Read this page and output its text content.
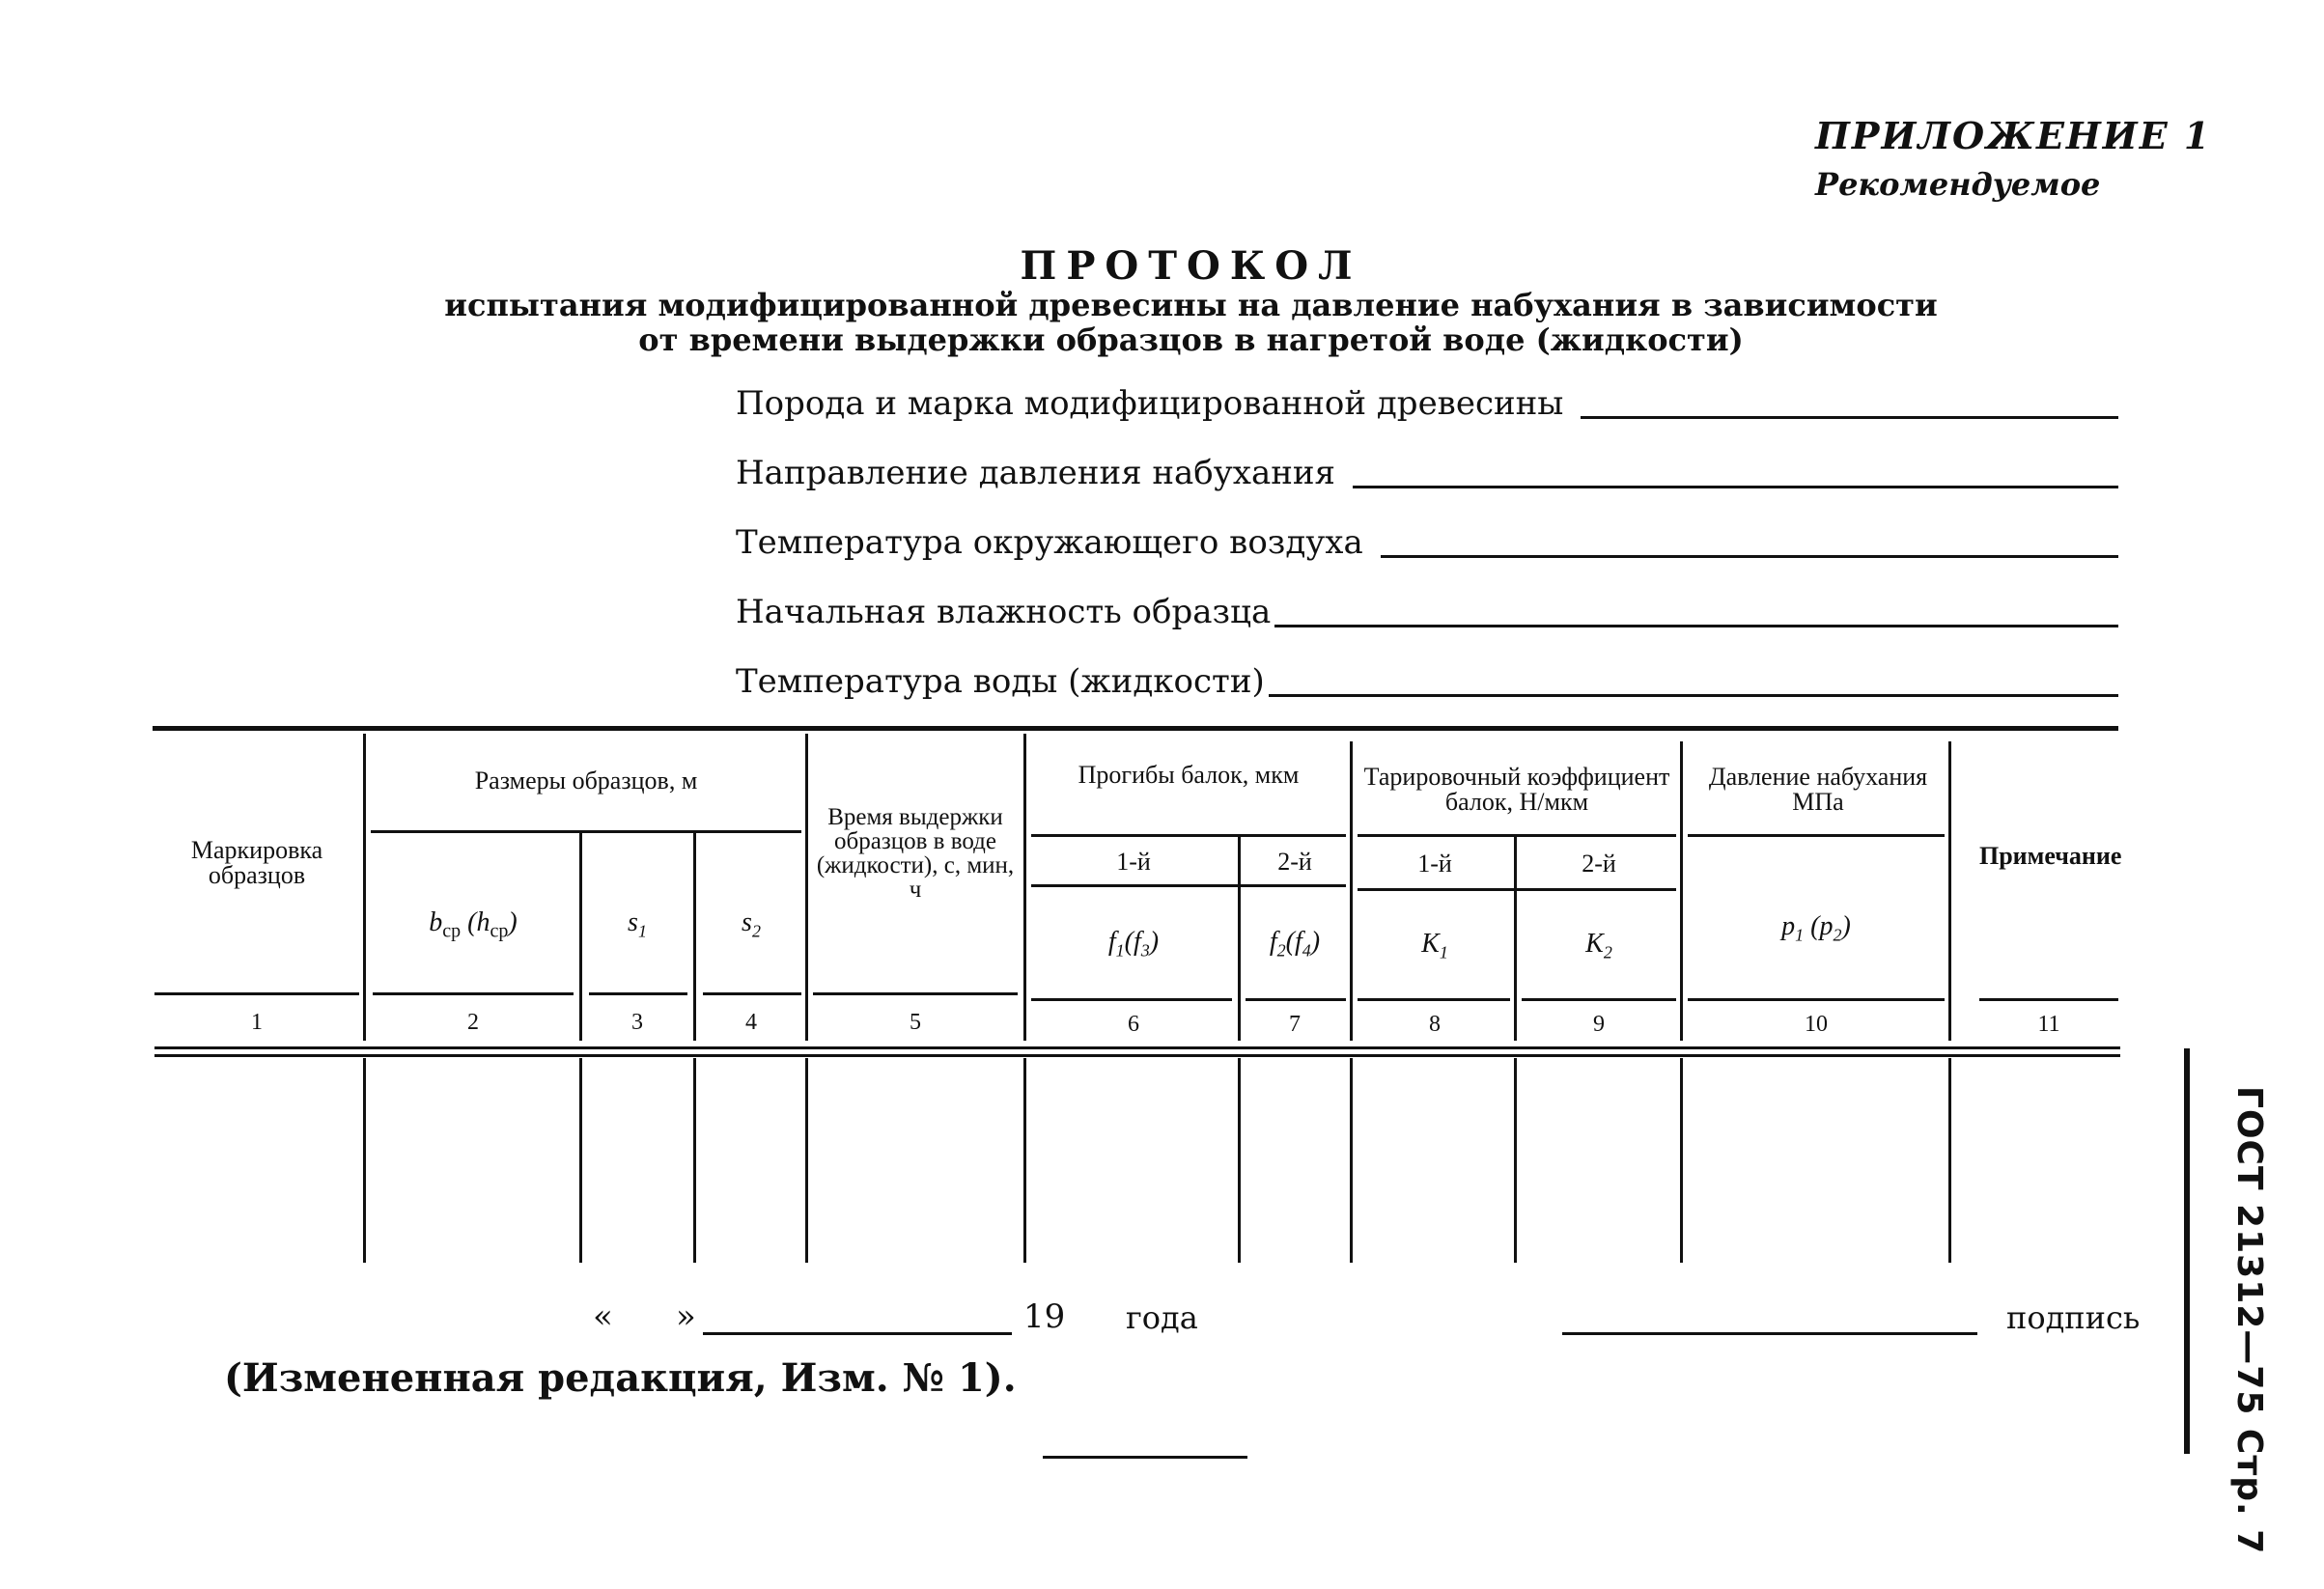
ПРИЛОЖЕНИЕ 1
Рекомендуемое
ПРОТОКОЛ
испытания модифицированной древесины на давление набухания в зависимости
от времени выдержки образцов в нагретой воде (жидкости)
Порода и марка модифицированной древесины
Направление давления набухания
Температура окружающего воздуха
Начальная влажность образца
Температура воды (жидкости)
Маркировка образцов
Размеры образцов, м
$b_{ср}$ $(h_{ср})$	$s_1$	$s_2$
Время выдержки образцов в воде (жидкости), с, мин, ч
Прогибы балок, мкм
1-й	2-й
$f_1(f_3)$	$f_2(f_4)$
Тарировочный коэффициент балок, Н/мкм
1-й	2-й
$K_1$	$K_2$
Давление набухания МПа
$p_1$ $(p_2)$
Примечание
1	2	3	4	5	6	7	8	9	10	11
« »	19 года	подпись
(Измененная редакция, Изм. № 1).	ГОСТ 21312—75 Стр. 7
